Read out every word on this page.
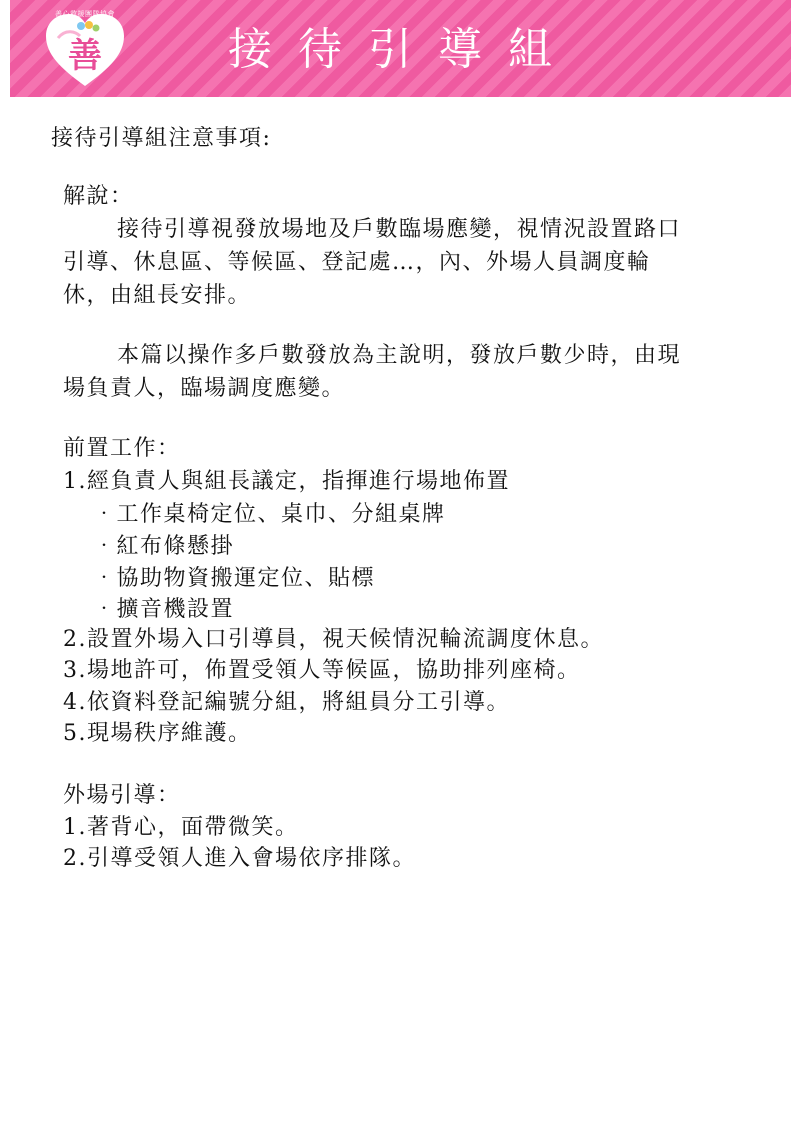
善心救援團隊協會
善	接待引導組
接待引導組注意事項:
解說：
接待引導視發放場地及戶數臨場應變，視情況設置路口
引導、休息區、等候區、登記處…，內、外場人員調度輪
休，由組長安排。
本篇以操作多戶數發放為主說明，發放戶數少時，由現
場負責人，臨場調度應變。
前置工作：
1.經負責人與組長議定，指揮進行場地佈置
‧工作桌椅定位、桌巾、分組桌牌
‧紅布條懸掛
‧協助物資搬運定位、貼標
‧擴音機設置
2.設置外場入口引導員，視天候情況輪流調度休息。
3.場地許可，佈置受領人等候區，協助排列座椅。
4.依資料登記編號分組，將組員分工引導。
5.現場秩序維護。
外場引導：
1.著背心，面帶微笑。
2.引導受領人進入會場依序排隊。
